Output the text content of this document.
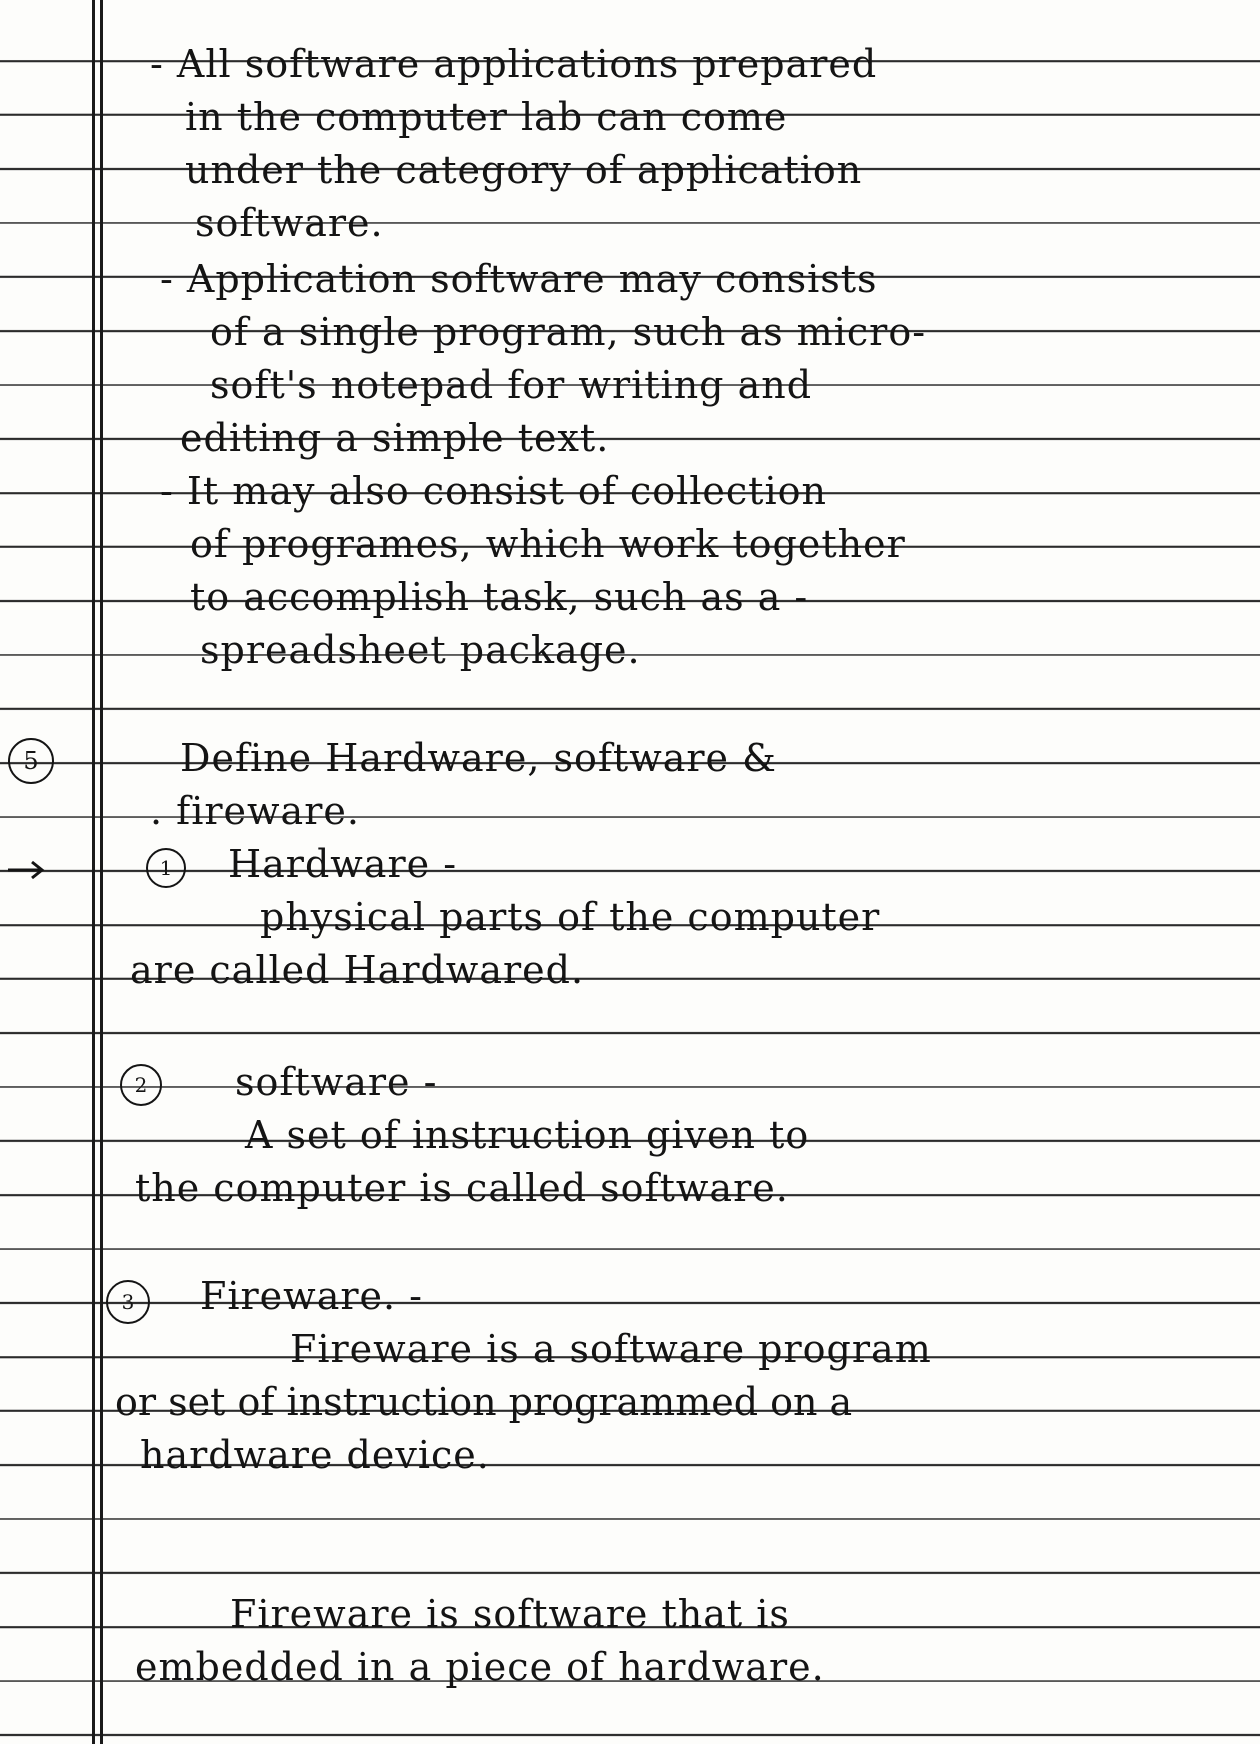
- All software applications prepared
in the computer lab can come
under the category of application
software.
- Application software may consists
of a single program, such as micro-
soft's notepad for writing and
editing a simple text.
- It may also consist of collection
of programes, which work together
to accomplish task, such as a -
spreadsheet package.
5	Define Hardware, software &
. fireware.
1	Hardware -
physical parts of the computer
are called Hardwared.
2	software -
A set of instruction given to
the computer is called software.
3	Fireware. -
Fireware is a software program
or set of instruction programmed on a
hardware device.
Fireware is software that is
embedded in a piece of hardware.
